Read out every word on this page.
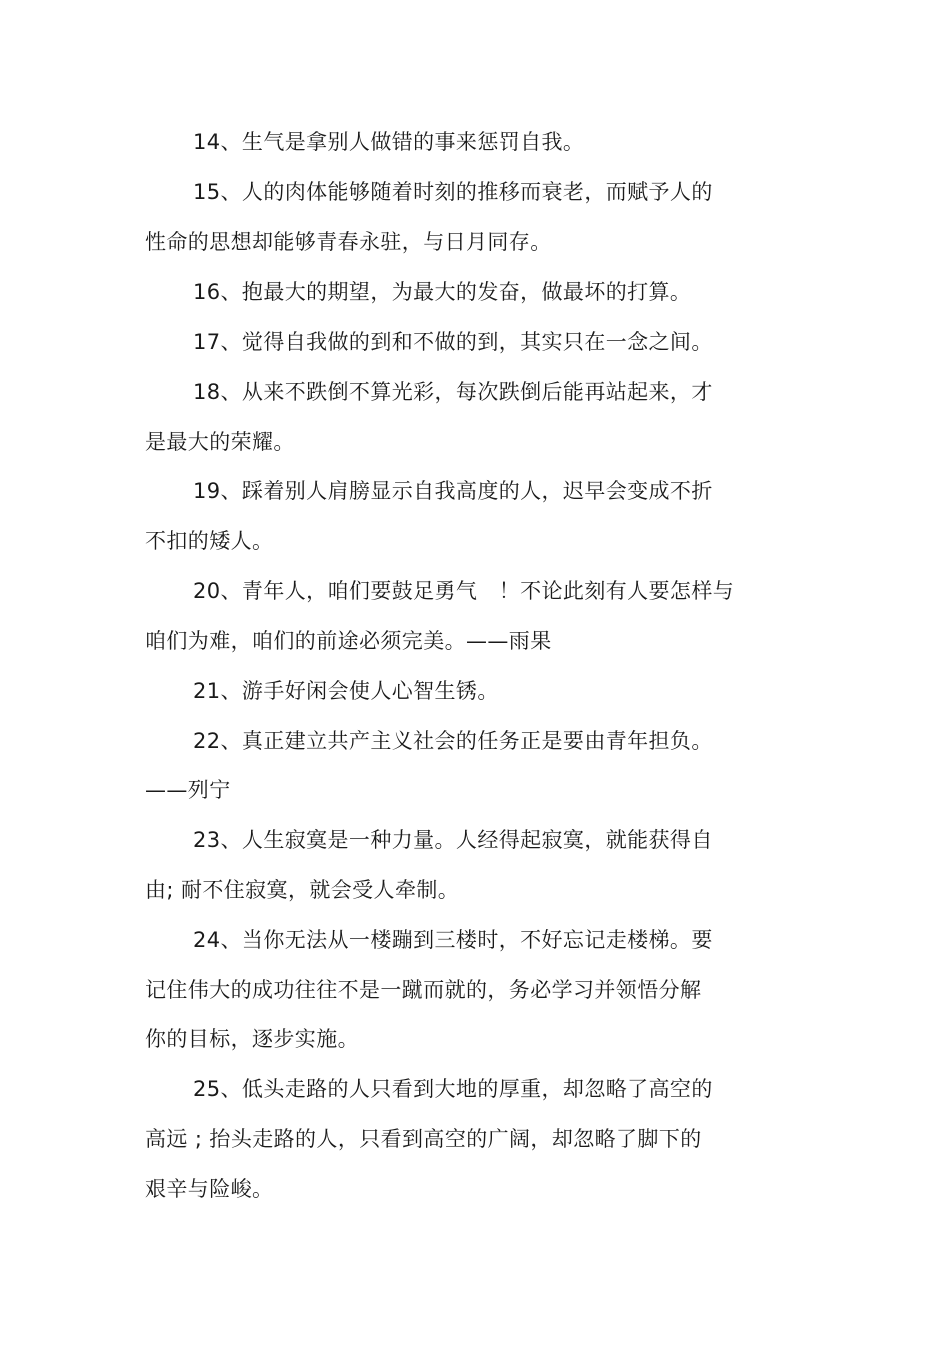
14、生气是拿别人做错的事来惩罚自我。
15、人的肉体能够随着时刻的推移而衰老，而赋予人的
性命的思想却能够青春永驻，与日月同存。
16、抱最大的期望，为最大的发奋，做最坏的打算。
17、觉得自我做的到和不做的到，其实只在一念之间。
18、从来不跌倒不算光彩，每次跌倒后能再站起来，才
是最大的荣耀。
19、踩着别人肩膀显示自我高度的人，迟早会变成不折
不扣的矮人。
20、青年人，咱们要鼓足勇气　！不论此刻有人要怎样与
咱们为难，咱们的前途必须完美。——雨果
21、游手好闲会使人心智生锈。
22、真正建立共产主义社会的任务正是要由青年担负。
——列宁
23、人生寂寞是一种力量。人经得起寂寞，就能获得自
由; 耐不住寂寞，就会受人牵制。
24、当你无法从一楼蹦到三楼时，不好忘记走楼梯。要
记住伟大的成功往往不是一蹴而就的，务必学习并领悟分解
你的目标，逐步实施。
25、低头走路的人只看到大地的厚重，却忽略了高空的
高远 ; 抬头走路的人，只看到高空的广阔，却忽略了脚下的
艰辛与险峻。
